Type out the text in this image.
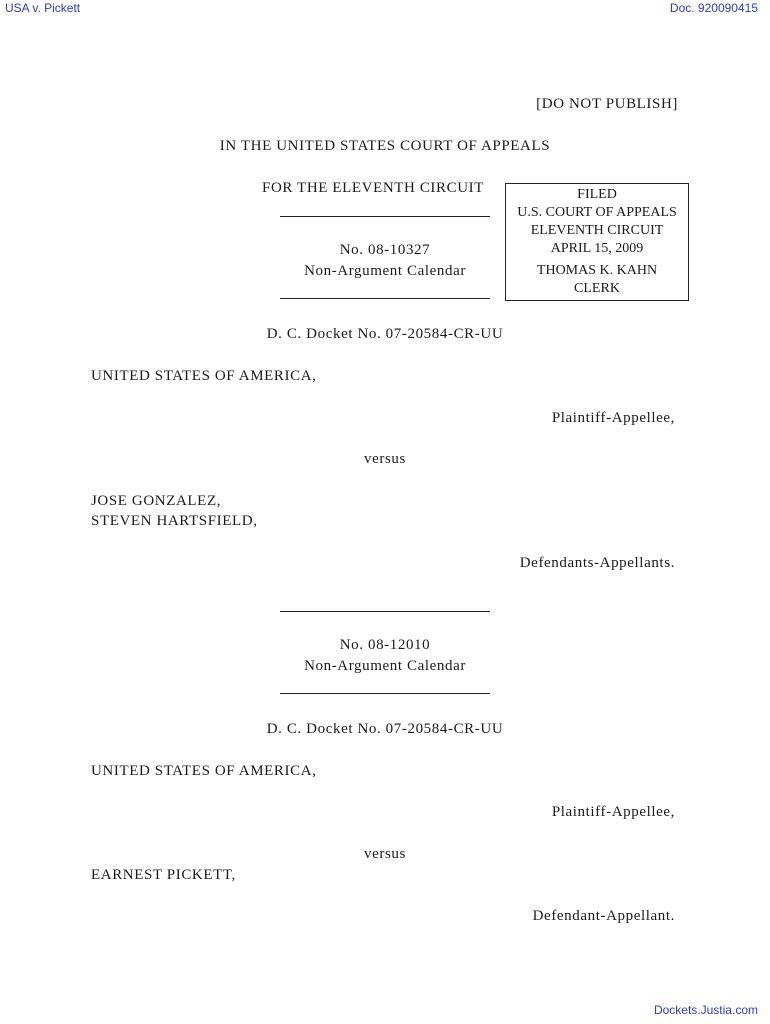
USA v. Pickett	Doc. 920090415
[DO NOT PUBLISH]
IN THE UNITED STATES COURT OF APPEALS
FOR THE ELEVENTH CIRCUIT
No. 08-10327
Non-Argument Calendar
FILED
U.S. COURT OF APPEALS
ELEVENTH CIRCUIT
APRIL 15, 2009
THOMAS K. KAHN
CLERK
D. C. Docket No. 07-20584-CR-UU
UNITED STATES OF AMERICA,
Plaintiff-Appellee,
versus
JOSE GONZALEZ,
STEVEN HARTSFIELD,
Defendants-Appellants.
No. 08-12010
Non-Argument Calendar
D. C. Docket No. 07-20584-CR-UU
UNITED STATES OF AMERICA,
Plaintiff-Appellee,
versus
EARNEST PICKETT,
Defendant-Appellant.
Dockets.Justia.com
